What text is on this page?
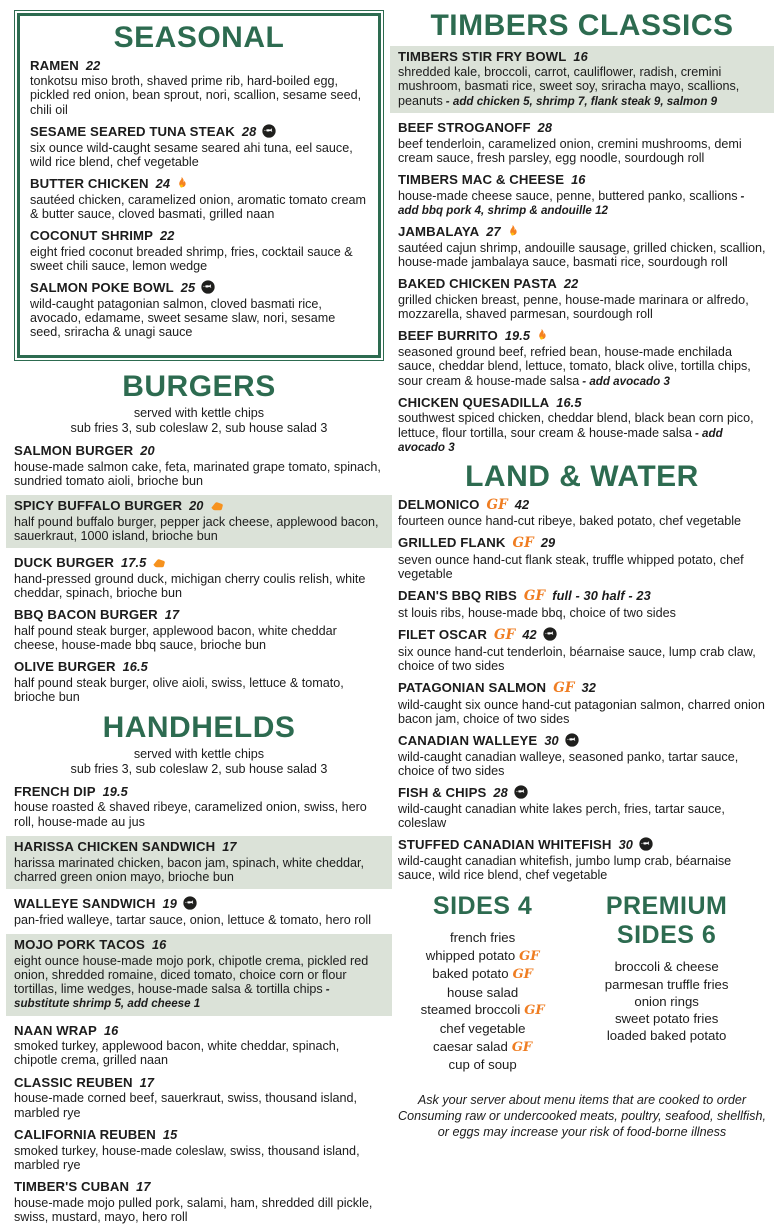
SEASONAL
RAMEN 22
tonkotsu miso broth, shaved prime rib, hard-boiled egg, pickled red onion, bean sprout, nori, scallion, sesame seed, chili oil
SESAME SEARED TUNA STEAK 28
six ounce wild-caught sesame seared ahi tuna, eel sauce, wild rice blend, chef vegetable
BUTTER CHICKEN 24
sautéed chicken, caramelized onion, aromatic tomato cream & butter sauce, cloved basmati, grilled naan
COCONUT SHRIMP 22
eight fried coconut breaded shrimp, fries, cocktail sauce & sweet chili sauce, lemon wedge
SALMON POKE BOWL 25
wild-caught patagonian salmon, cloved basmati rice, avocado, edamame, sweet sesame slaw, nori, sesame seed, sriracha & unagi sauce
BURGERS
served with kettle chips
sub fries 3, sub coleslaw 2, sub house salad 3
SALMON BURGER 20
house-made salmon cake, feta, marinated grape tomato, spinach, sundried tomato aioli, brioche bun
SPICY BUFFALO BURGER 20
half pound buffalo burger, pepper jack cheese, applewood bacon, sauerkraut, 1000 island, brioche bun
DUCK BURGER 17.5
hand-pressed ground duck, michigan cherry coulis relish, white cheddar, spinach, brioche bun
BBQ BACON BURGER 17
half pound steak burger, applewood bacon, white cheddar cheese, house-made bbq sauce, brioche bun
OLIVE BURGER 16.5
half pound steak burger, olive aioli, swiss, lettuce & tomato, brioche bun
HANDHELDS
served with kettle chips
sub fries 3, sub coleslaw 2, sub house salad 3
FRENCH DIP 19.5
house roasted & shaved ribeye, caramelized onion, swiss, hero roll, house-made au jus
HARISSA CHICKEN SANDWICH 17
harissa marinated chicken, bacon jam, spinach, white cheddar, charred green onion mayo, brioche bun
WALLEYE SANDWICH 19
pan-fried walleye, tartar sauce, onion, lettuce & tomato, hero roll
MOJO PORK TACOS 16
eight ounce house-made mojo pork, chipotle crema, pickled red onion, shredded romaine, diced tomato, choice corn or flour tortillas, lime wedges, house-made salsa & tortilla chips - substitute shrimp 5, add cheese 1
NAAN WRAP 16
smoked turkey, applewood bacon, white cheddar, spinach, chipotle crema, grilled naan
CLASSIC REUBEN 17
house-made corned beef, sauerkraut, swiss, thousand island, marbled rye
CALIFORNIA REUBEN 15
smoked turkey, house-made coleslaw, swiss, thousand island, marbled rye
TIMBER'S CUBAN 17
house-made mojo pulled pork, salami, ham, shredded dill pickle, swiss, mustard, mayo, hero roll
TIMBERS CLASSICS
TIMBERS STIR FRY BOWL 16
shredded kale, broccoli, carrot, cauliflower, radish, cremini mushroom, basmati rice, sweet soy, sriracha mayo, scallions, peanuts - add chicken 5, shrimp 7, flank steak 9, salmon 9
BEEF STROGANOFF 28
beef tenderloin, caramelized onion, cremini mushrooms, demi cream sauce, fresh parsley, egg noodle, sourdough roll
TIMBERS MAC & CHEESE 16
house-made cheese sauce, penne, buttered panko, scallions - add bbq pork 4, shrimp & andouille 12
JAMBALAYA 27
sautéed cajun shrimp, andouille sausage, grilled chicken, scallion, house-made jambalaya sauce, basmati rice, sourdough roll
BAKED CHICKEN PASTA 22
grilled chicken breast, penne, house-made marinara or alfredo, mozzarella, shaved parmesan, sourdough roll
BEEF BURRITO 19.5
seasoned ground beef, refried bean, house-made enchilada sauce, cheddar blend, lettuce, tomato, black olive, tortilla chips, sour cream & house-made salsa - add avocado 3
CHICKEN QUESADILLA 16.5
southwest spiced chicken, cheddar blend, black bean corn pico, lettuce, flour tortilla, sour cream & house-made salsa - add avocado 3
LAND & WATER
DELMONICO GF 42
fourteen ounce hand-cut ribeye, baked potato, chef vegetable
GRILLED FLANK GF 29
seven ounce hand-cut flank steak, truffle whipped potato, chef vegetable
DEAN'S BBQ RIBS GF full - 30 half - 23
st louis ribs, house-made bbq, choice of two sides
FILET OSCAR GF 42
six ounce hand-cut tenderloin, béarnaise sauce, lump crab claw, choice of two sides
PATAGONIAN SALMON GF 32
wild-caught six ounce hand-cut patagonian salmon, charred onion bacon jam, choice of two sides
CANADIAN WALLEYE 30
wild-caught canadian walleye, seasoned panko, tartar sauce, choice of two sides
FISH & CHIPS 28
wild-caught canadian white lakes perch, fries, tartar sauce, coleslaw
STUFFED CANADIAN WHITEFISH 30
wild-caught canadian whitefish, jumbo lump crab, béarnaise sauce, wild rice blend, chef vegetable
SIDES 4
french fries
whipped potato GF
baked potato GF
house salad
steamed broccoli GF
chef vegetable
caesar salad GF
cup of soup
PREMIUM SIDES 6
broccoli & cheese
parmesan truffle fries
onion rings
sweet potato fries
loaded baked potato
Ask your server about menu items that are cooked to order
Consuming raw or undercooked meats, poultry, seafood, shellfish,
or eggs may increase your risk of food-borne illness
